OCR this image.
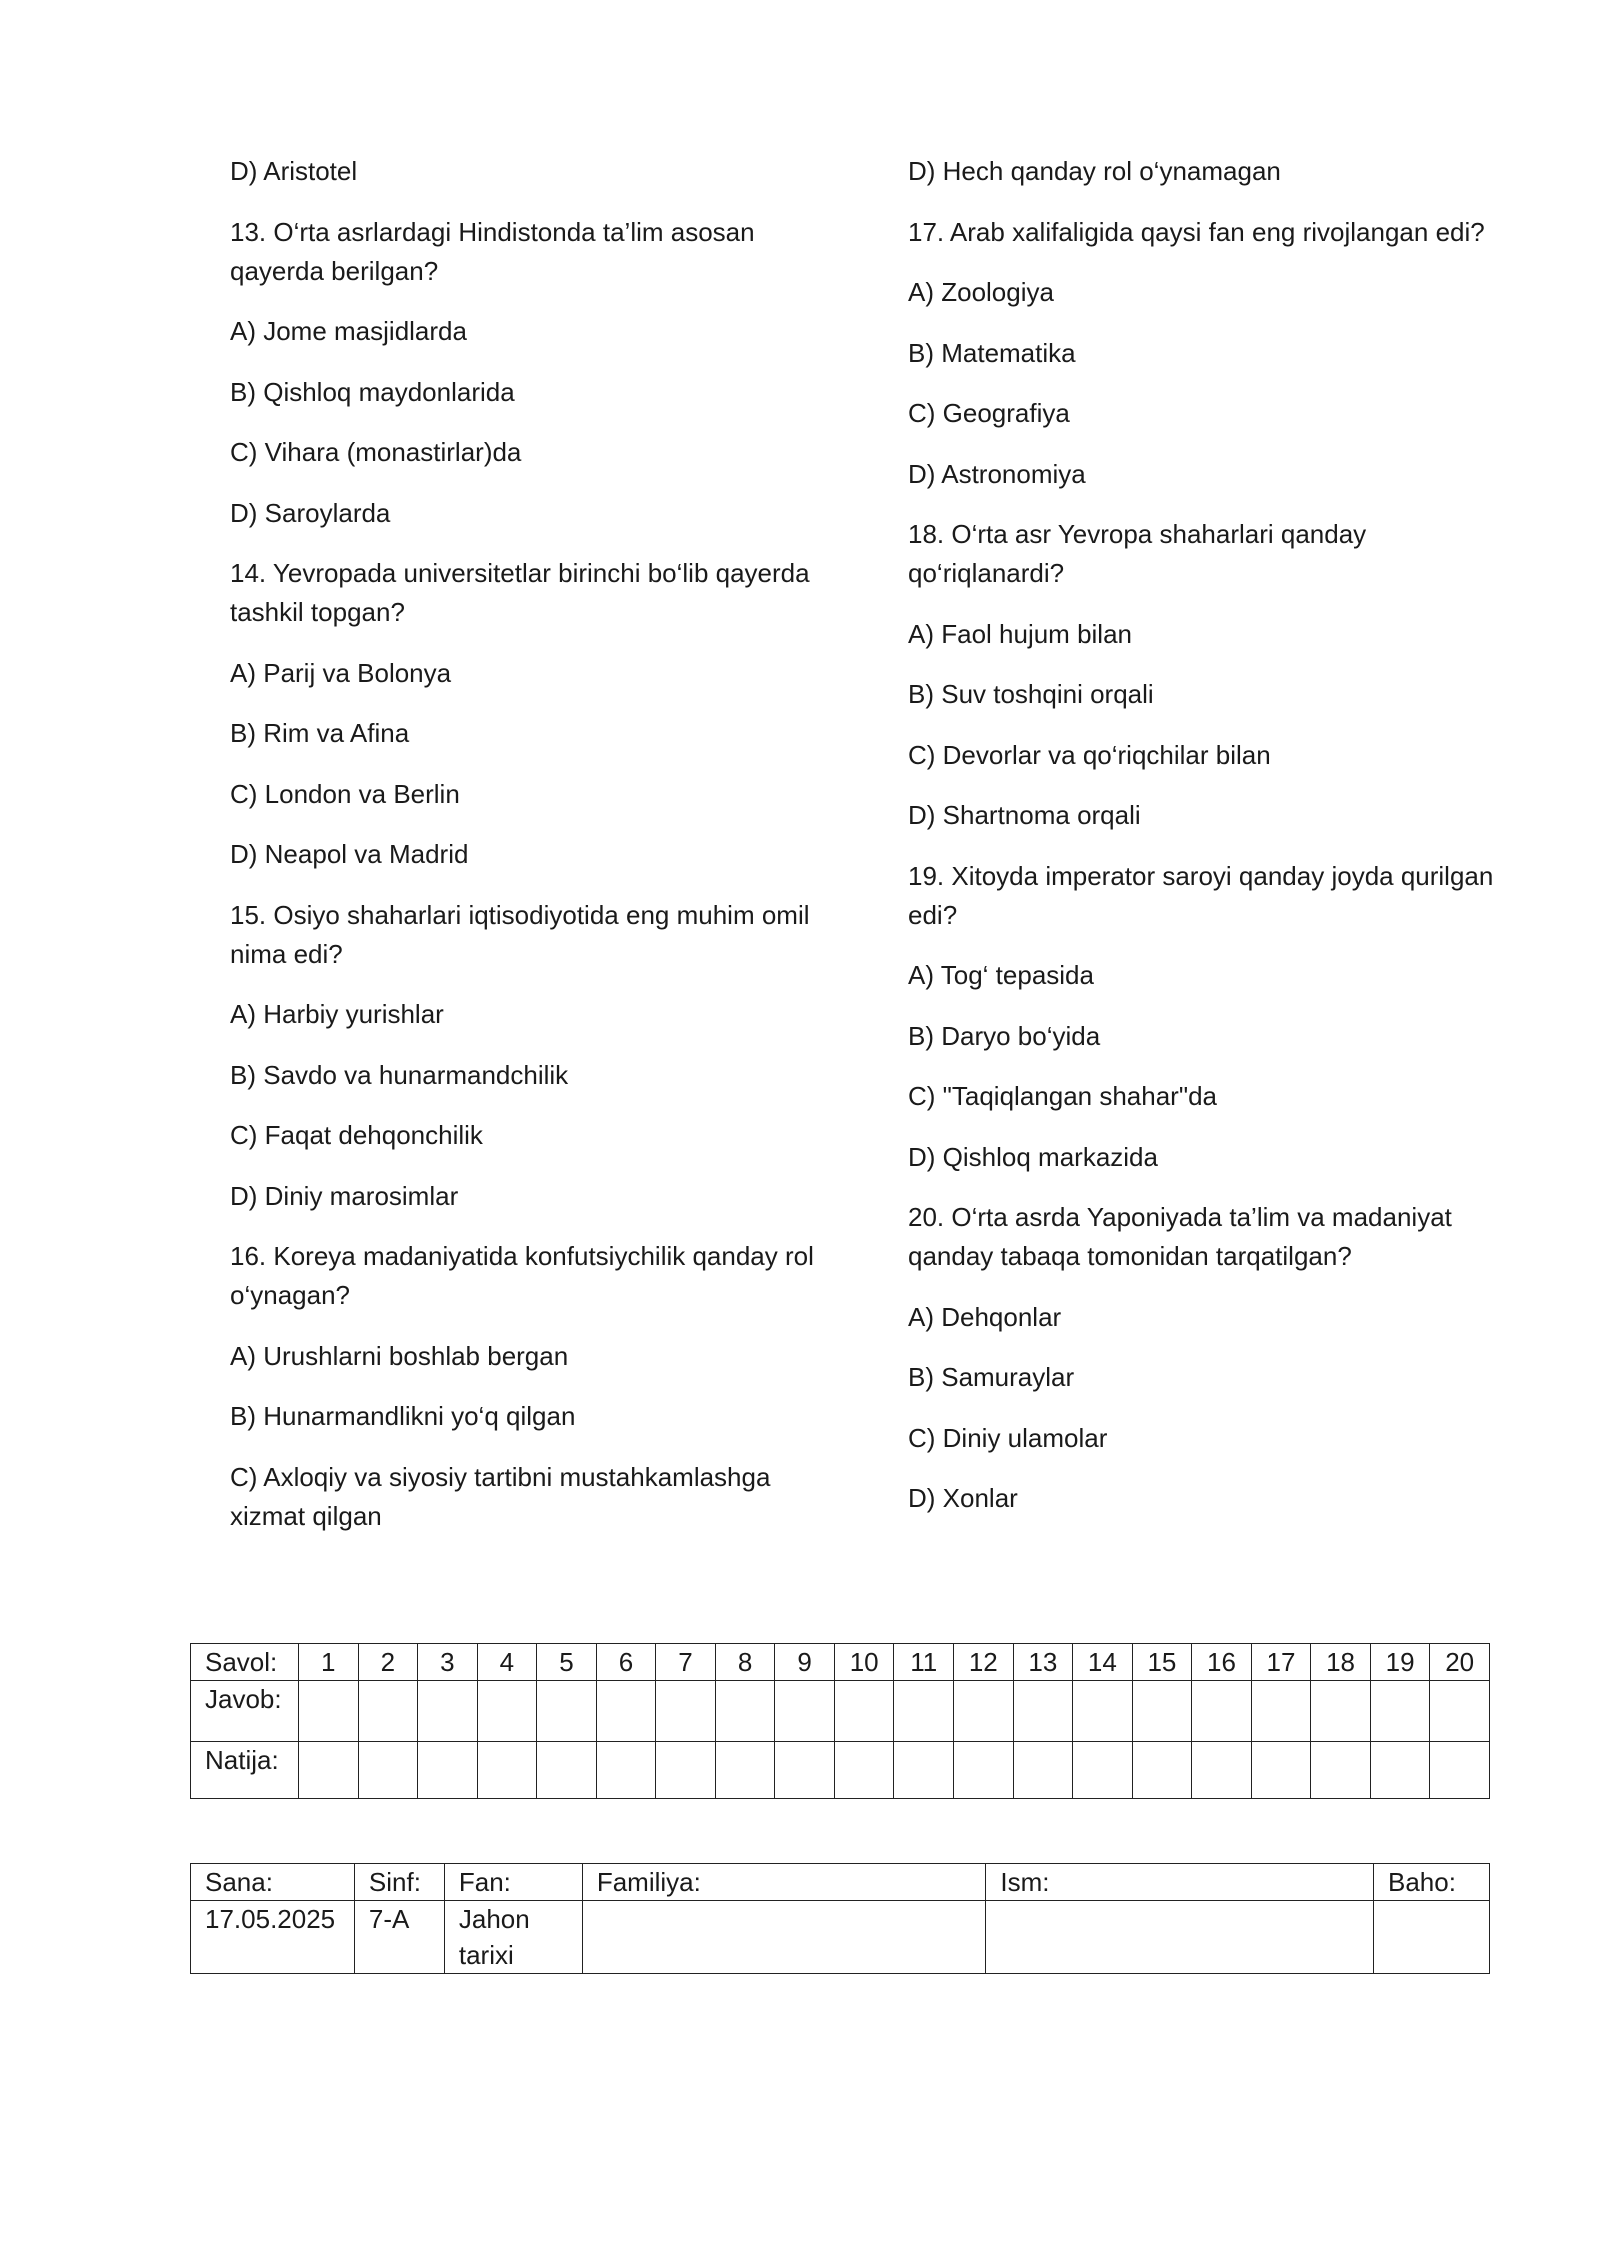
D) Aristotel

13. O‘rta asrlardagi Hindistonda ta’lim asosan qayerda berilgan?

A) Jome masjidlarda

B) Qishloq maydonlarida

C) Vihara (monastirlar)da

D) Saroylarda

14. Yevropada universitetlar birinchi bo‘lib qayerda tashkil topgan?

A) Parij va Bolonya

B) Rim va Afina

C) London va Berlin

D) Neapol va Madrid

15. Osiyo shaharlari iqtisodiyotida eng muhim omil nima edi?

A) Harbiy yurishlar

B) Savdo va hunarmandchilik

C) Faqat dehqonchilik

D) Diniy marosimlar

16. Koreya madaniyatida konfutsiychilik qanday rol o‘ynagan?

A) Urushlarni boshlab bergan

B) Hunarmandlikni yo‘q qilgan

C) Axloqiy va siyosiy tartibni mustahkamlashga xizmat qilgan

D) Hech qanday rol o‘ynamagan

17. Arab xalifaligida qaysi fan eng rivojlangan edi?

A) Zoologiya

B) Matematika

C) Geografiya

D) Astronomiya

18. O‘rta asr Yevropa shaharlari qanday qo‘riqlanardi?

A) Faol hujum bilan

B) Suv toshqini orqali

C) Devorlar va qo‘riqchilar bilan

D) Shartnoma orqali

19. Xitoyda imperator saroyi qanday joyda qurilgan edi?

A) Tog‘ tepasida

B) Daryo bo‘yida

C) "Taqiqlangan shahar"da

D) Qishloq markazida

20. O‘rta asrda Yaponiyada ta’lim va madaniyat qanday tabaqa tomonidan tarqatilgan?

A) Dehqonlar

B) Samuraylar

C) Diniy ulamolar

D) Xonlar

Savol:	1	2	3	4	5	6	7	8	9	10	11	12	13	14	15	16	17	18	19	20
Javob:																				
Natija:																				
Sana:	Sinf:	Fan:	Familiya:	Ism:	Baho:
17.05.2025	7-A	Jahon tarixi			
